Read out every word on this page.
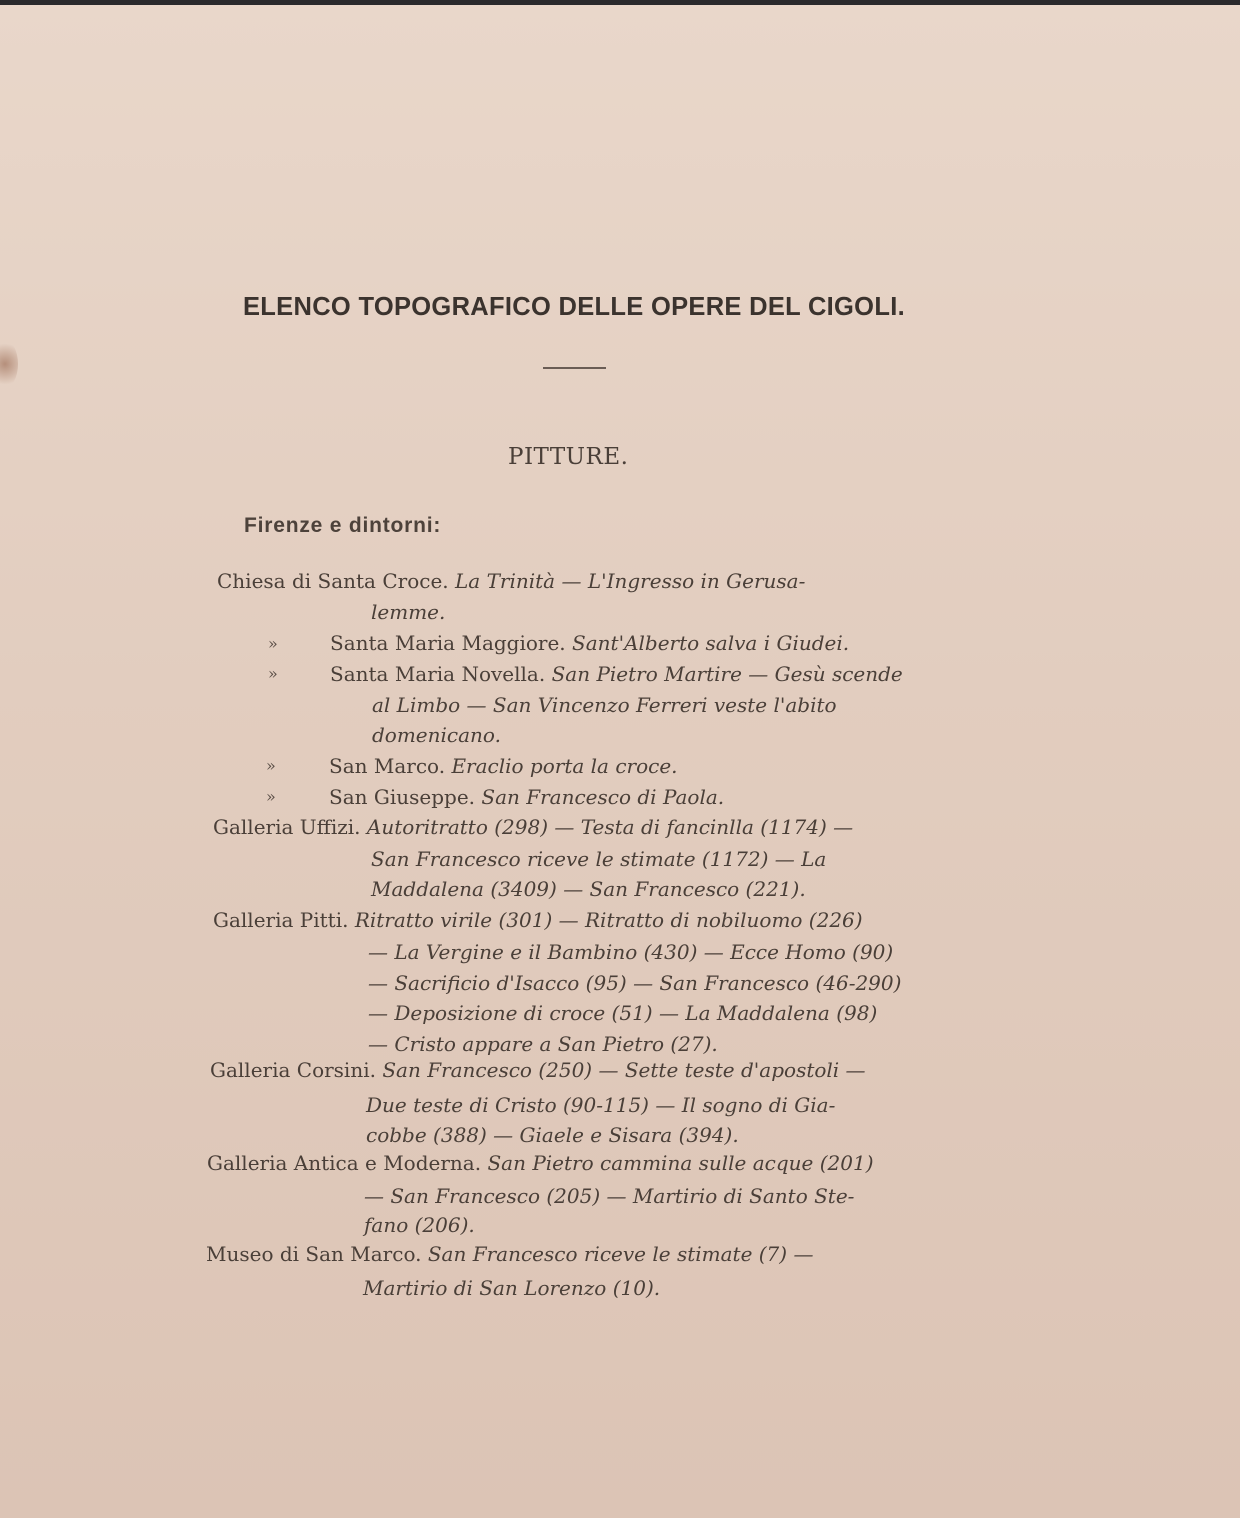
ELENCO TOPOGRAFICO DELLE OPERE DEL CIGOLI.
PITTURE.
Firenze e dintorni:
»
»
»
»
Chiesa di Santa Croce. La Trinità — L'Ingresso in Gerusa-
lemme.
Santa Maria Maggiore. Sant'Alberto salva i Giudei.
Santa Maria Novella. San Pietro Martire — Gesù scende
al Limbo — San Vincenzo Ferreri veste l'abito
domenicano.
San Marco. Eraclio porta la croce.
San Giuseppe. San Francesco di Paola.
Galleria Uffizi. Autoritratto (298) — Testa di fancinlla (1174) —
San Francesco riceve le stimate (1172) — La
Maddalena (3409) — San Francesco (221).
Galleria Pitti. Ritratto virile (301) — Ritratto di nobiluomo (226)
— La Vergine e il Bambino (430) — Ecce Homo (90)
— Sacrificio d'Isacco (95) — San Francesco (46-290)
— Deposizione di croce (51) — La Maddalena (98)
— Cristo appare a San Pietro (27).
Galleria Corsini. San Francesco (250) — Sette teste d'apostoli —
Due teste di Cristo (90-115) — Il sogno di Gia-
cobbe (388) — Giaele e Sisara (394).
Galleria Antica e Moderna. San Pietro cammina sulle acque (201)
— San Francesco (205) — Martirio di Santo Ste-
fano (206).
Museo di San Marco. San Francesco riceve le stimate (7) —
Martirio di San Lorenzo (10).
